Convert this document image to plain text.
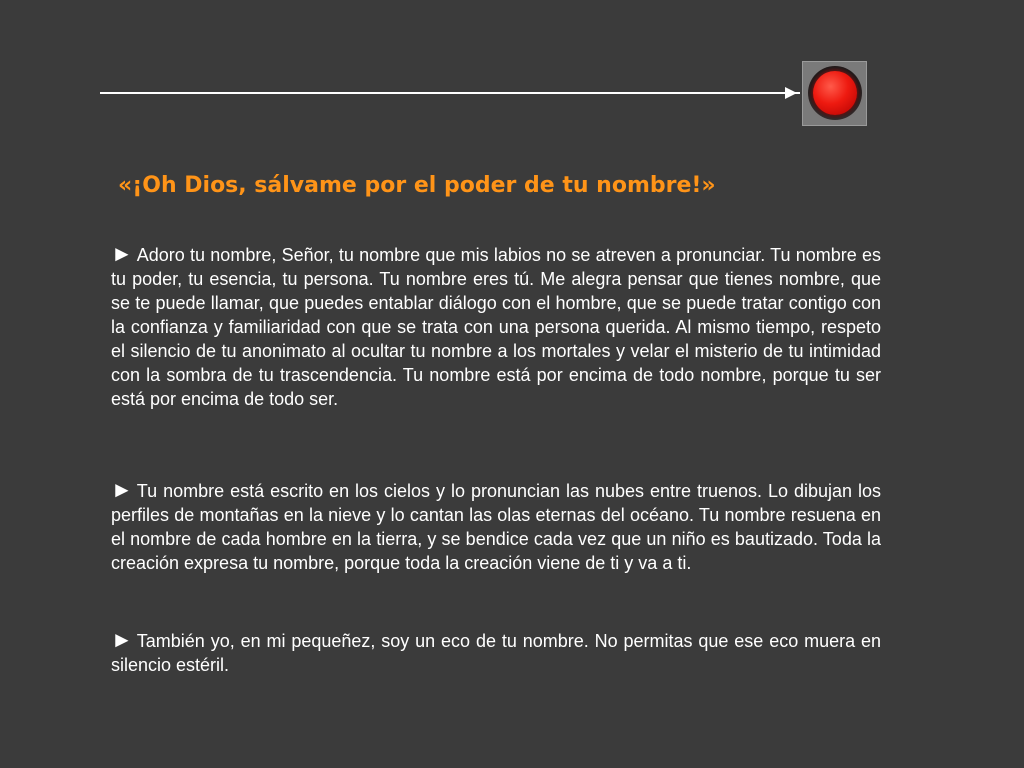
«¡Oh Dios, sálvame por el poder de tu nombre!»

► Adoro tu nombre, Señor, tu nombre que mis labios no se atreven a pronunciar. Tu nombre es tu poder, tu esencia, tu persona. Tu nombre eres tú. Me alegra pensar que tienes nombre, que se te puede llamar, que puedes entablar diálogo con el hombre, que se puede tratar contigo con la confianza y familiaridad con que se trata con una persona querida. Al mismo tiempo, respeto el silencio de tu anonimato al ocultar tu nombre a los mortales y velar el misterio de tu intimidad con la sombra de tu trascendencia. Tu nombre está por encima de todo nombre, porque tu ser está por encima de todo ser.

► Tu nombre está escrito en los cielos y lo pronuncian las nubes entre truenos. Lo dibujan los perfiles de montañas en la nieve y lo cantan las olas eternas del océano. Tu nombre resuena en el nombre de cada hombre en la tierra, y se bendice cada vez que un niño es bautizado. Toda la creación expresa tu nombre, porque toda la creación viene de ti y va a ti.

► También yo, en mi pequeñez, soy un eco de tu nombre. No permitas que ese eco muera en silencio estéril.
